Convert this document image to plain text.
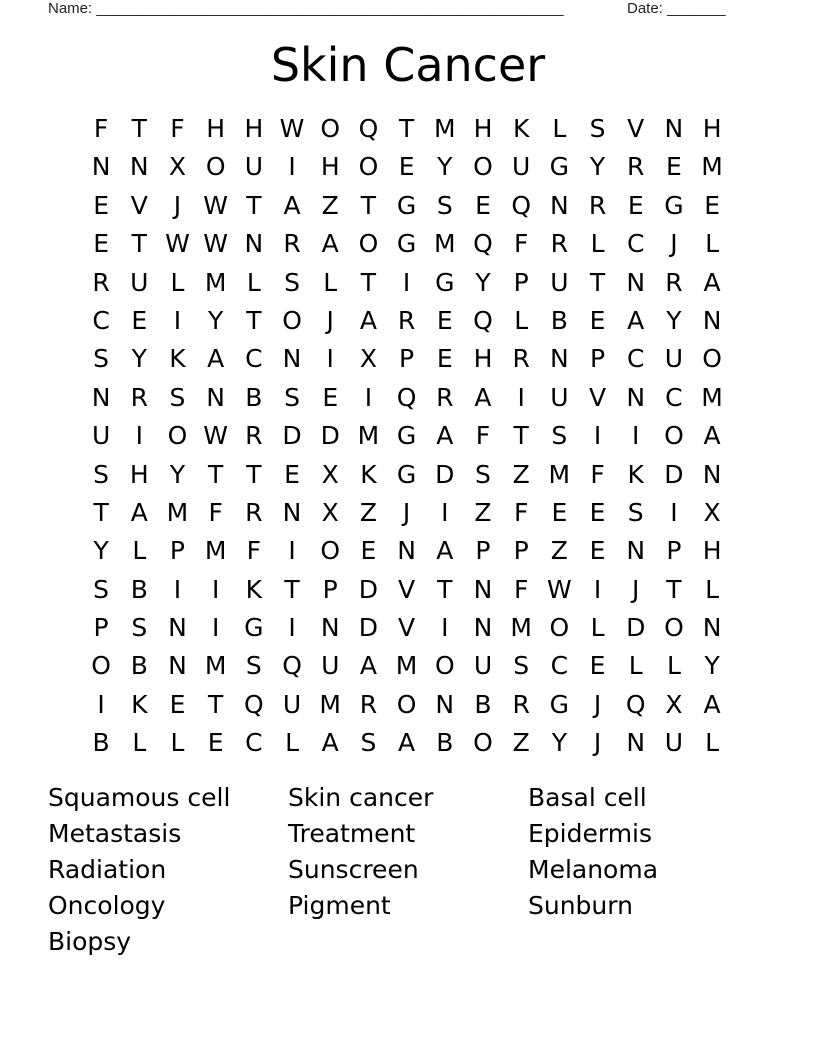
Name: ________________________________________________________	Date: _______
Skin Cancer
F T F H H W O Q T M H K L S V N H
N N X O U	I	H O E Y O U G Y R E M
E V	J W T A Z T G S E Q N R E G E
E T W W N R A O G M Q F R L C	J	L
R U L M L S L T	I G Y P U T N R A
C E	I	Y T O J	A R E Q L B E A Y N
S Y K A C N	I	X P E H R N P C U O
N R S N B S E	I Q R A	I	U V N C M
U	I O W R D D M G A F T S	I	I O A
S H Y T T E X K G D S Z M F K D N
T A M F R N X Z	J	I	Z F E E S	I	X
Y L P M F	I O E N A P P Z E N P H
S B	I	I	K T P D V T N F W I	J	T L
P S N	I G I	N D V	I	N M O L D O N
O B N M S Q U A M O U S C E L L Y
I	K E T Q U M R O N B R G J Q X A
B L L E C L A S A B O Z Y	J	N U L
Squamous cell	Skin cancer	Basal cell
Metastasis	Treatment	Epidermis
Radiation	Sunscreen	Melanoma
Oncology	Pigment	Sunburn
Biopsy
